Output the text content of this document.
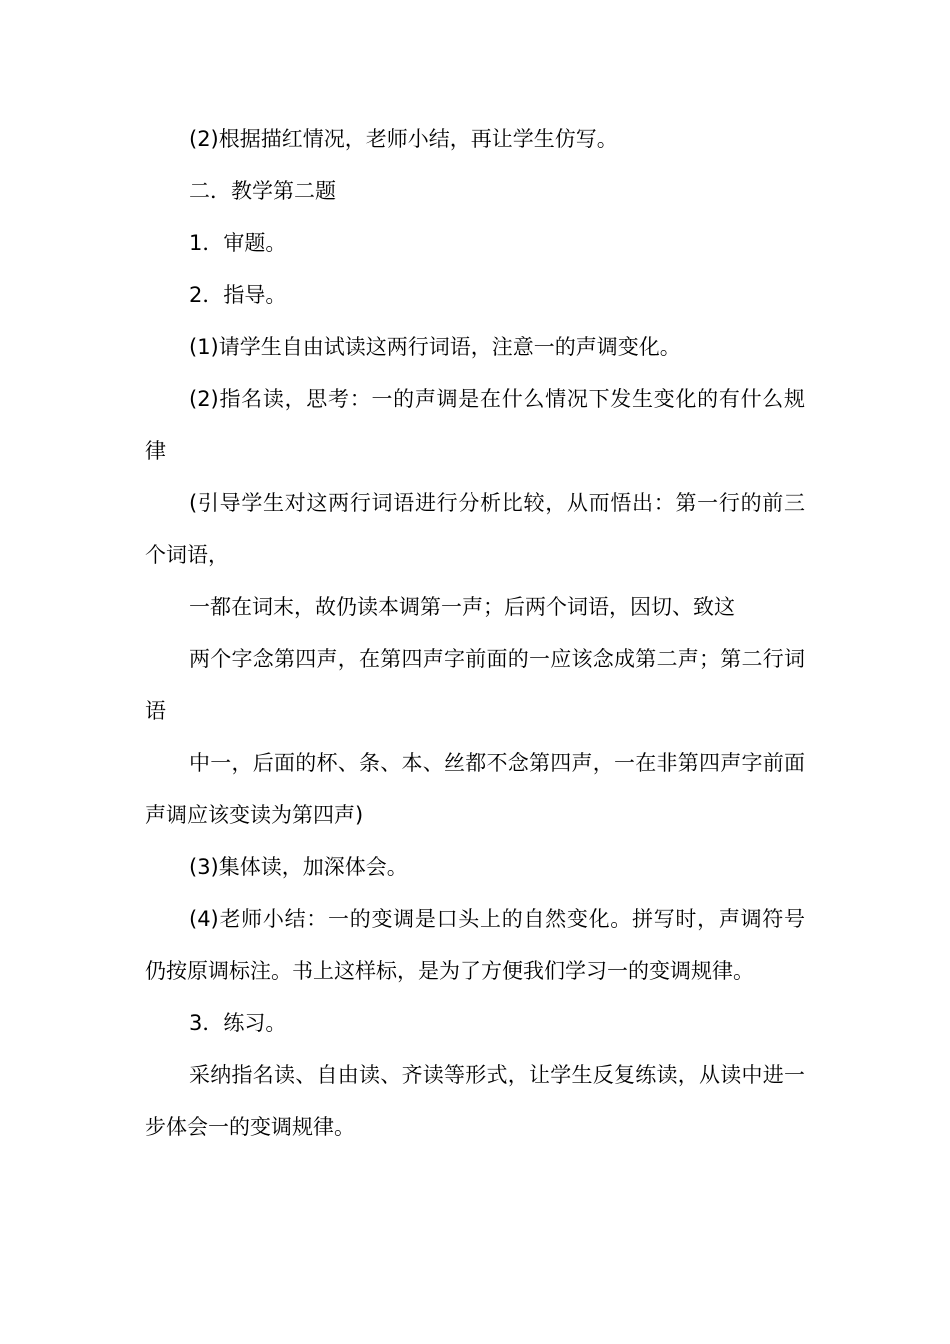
(2)根据描红情况，老师小结，再让学生仿写。

二．教学第二题

1．审题。

2．指导。

(1)请学生自由试读这两行词语，注意一的声调变化。

(2)指名读，思考：一的声调是在什么情况下发生变化的有什么规律

(引导学生对这两行词语进行分析比较，从而悟出：第一行的前三个词语，

一都在词末，故仍读本调第一声；后两个词语，因切、致这

两个字念第四声，在第四声字前面的一应该念成第二声；第二行词语

中一，后面的杯、条、本、丝都不念第四声，一在非第四声字前面声调应该变读为第四声)

(3)集体读，加深体会。

(4)老师小结：一的变调是口头上的自然变化。拼写时，声调符号仍按原调标注。书上这样标，是为了方便我们学习一的变调规律。

3．练习。

采纳指名读、自由读、齐读等形式，让学生反复练读，从读中进一步体会一的变调规律。
